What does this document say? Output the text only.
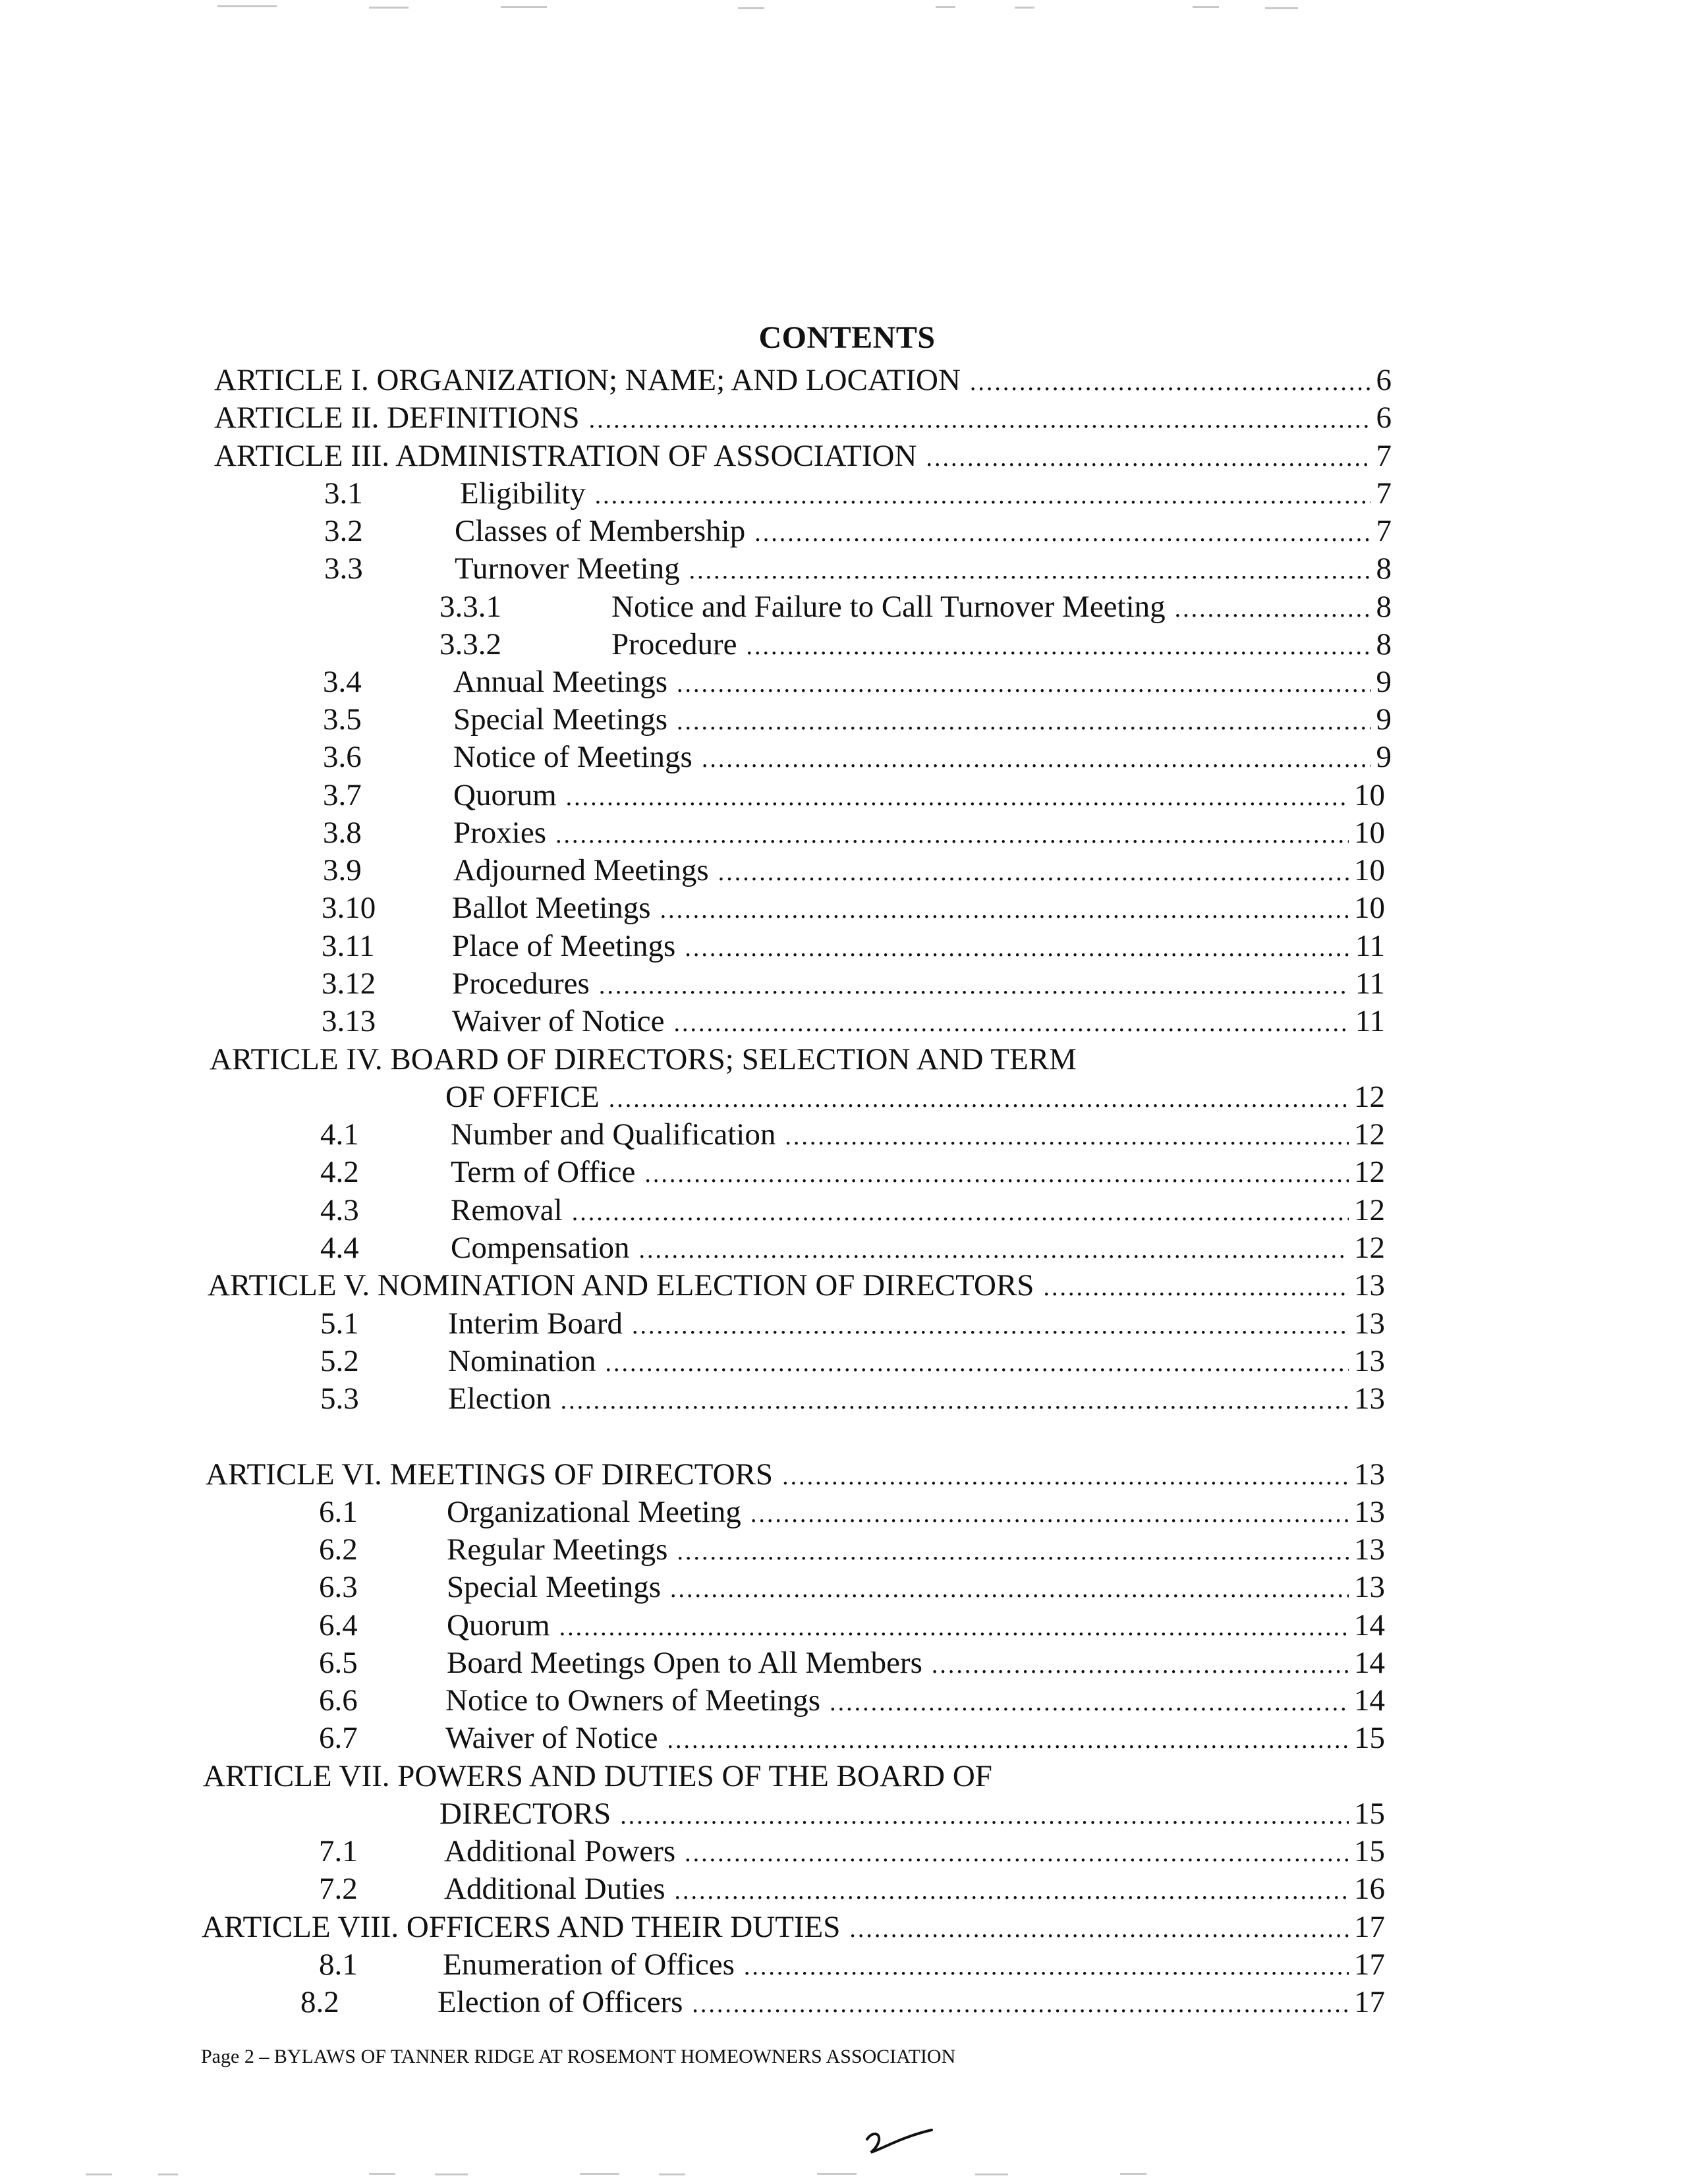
CONTENTS
ARTICLE I. ORGANIZATION; NAME; AND LOCATION .....	6
ARTICLE II. DEFINITIONS .....	6
ARTICLE III. ADMINISTRATION OF ASSOCIATION .....	7
3.1	Eligibility .....	7
3.2	Classes of Membership .....	7
3.3	Turnover Meeting .....	8
3.3.1	Notice and Failure to Call Turnover Meeting .....	8
3.3.2	Procedure .....	8
3.4	Annual Meetings .....	9
3.5	Special Meetings .....	9
3.6	Notice of Meetings .....	9
3.7	Quorum .....	10
3.8	Proxies .....	10
3.9	Adjourned Meetings .....	10
3.10 Ballot Meetings .....	10
3.11 Place of Meetings .....	11
3.12 Procedures .....	11
3.13 Waiver of Notice .....	11
ARTICLE IV. BOARD OF DIRECTORS; SELECTION AND TERM
OF OFFICE .....	12
4.1	Number and Qualification .....	12
4.2	Term of Office .....	12
4.3	Removal .....	12
4.4	Compensation .....	12
ARTICLE V. NOMINATION AND ELECTION OF DIRECTORS .....	13
5.1	Interim Board .....	13
5.2	Nomination .....	13
5.3	Election .....	13
ARTICLE VI. MEETINGS OF DIRECTORS .....	13
6.1	Organizational Meeting .....	13
6.2	Regular Meetings .....	13
6.3	Special Meetings .....	13
6.4	Quorum .....	14
6.5	Board Meetings Open to All Members .....	14
6.6	Notice to Owners of Meetings .....	14
6.7	Waiver of Notice .....	15
ARTICLE VII. POWERS AND DUTIES OF THE BOARD OF
DIRECTORS .....	15
7.1	Additional Powers .....	15
7.2	Additional Duties .....	16
ARTICLE VIII. OFFICERS AND THEIR DUTIES .....	17
8.1	Enumeration of Offices .....	17
8.2	Election of Officers .....	17
Page 2 – BYLAWS OF TANNER RIDGE AT ROSEMONT HOMEOWNERS ASSOCIATION
